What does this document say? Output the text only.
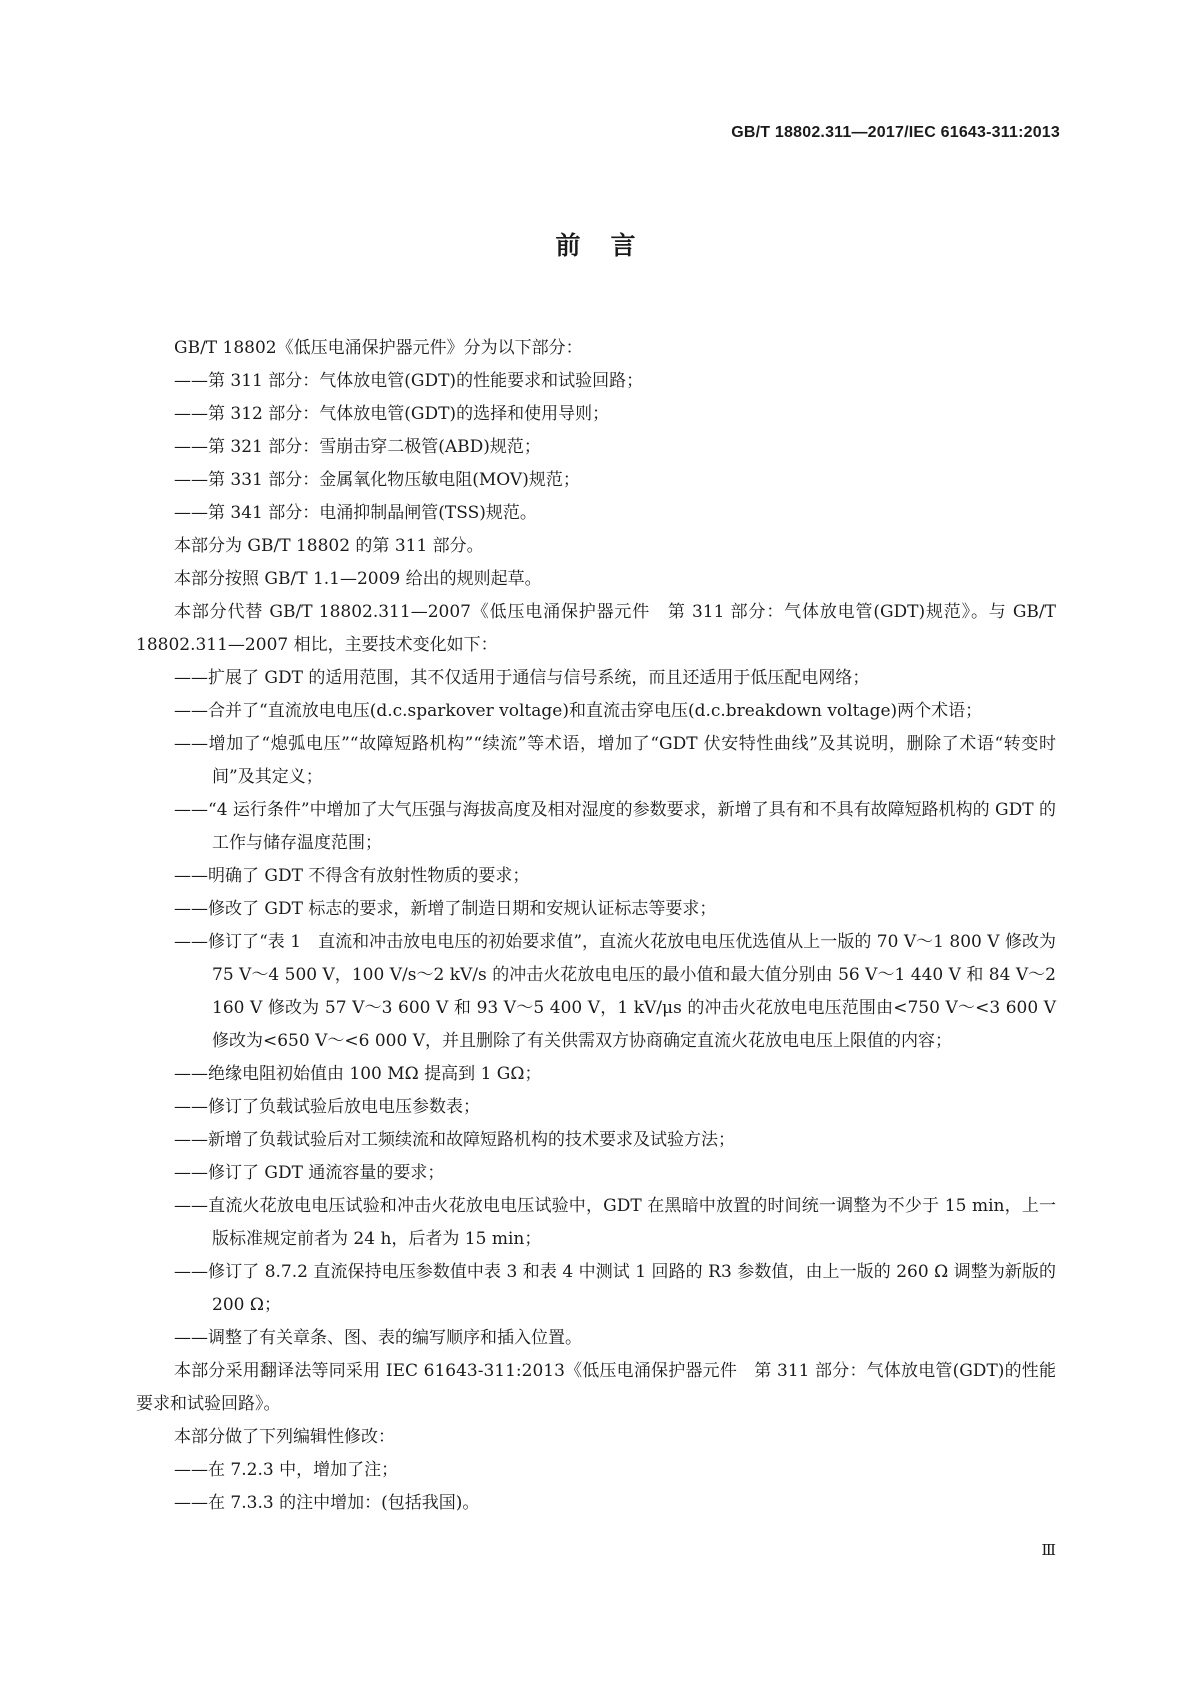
GB/T 18802.311—2017/IEC 61643-311:2013
前言

GB/T 18802《低压电涌保护器元件》分为以下部分：

——第 311 部分：气体放电管(GDT)的性能要求和试验回路；

——第 312 部分：气体放电管(GDT)的选择和使用导则；

——第 321 部分：雪崩击穿二极管(ABD)规范；

——第 331 部分：金属氧化物压敏电阻(MOV)规范；

——第 341 部分：电涌抑制晶闸管(TSS)规范。

本部分为 GB/T 18802 的第 311 部分。

本部分按照 GB/T 1.1—2009 给出的规则起草。

本部分代替 GB/T 18802.311—2007《低压电涌保护器元件　第 311 部分：气体放电管(GDT)规范》。与 GB/T 18802.311—2007 相比，主要技术变化如下：

——扩展了 GDT 的适用范围，其不仅适用于通信与信号系统，而且还适用于低压配电网络；

——合并了“直流放电电压(d.c.sparkover voltage)和直流击穿电压(d.c.breakdown voltage)两个术语；

——增加了“熄弧电压”“故障短路机构”“续流”等术语，增加了“GDT 伏安特性曲线”及其说明，删除了术语“转变时间”及其定义；

——“4 运行条件”中增加了大气压强与海拔高度及相对湿度的参数要求，新增了具有和不具有故障短路机构的 GDT 的工作与储存温度范围；

——明确了 GDT 不得含有放射性物质的要求；

——修改了 GDT 标志的要求，新增了制造日期和安规认证标志等要求；

——修订了“表 1　直流和冲击放电电压的初始要求值”，直流火花放电电压优选值从上一版的 70 V～1 800 V 修改为 75 V～4 500 V，100 V/s～2 kV/s 的冲击火花放电电压的最小值和最大值分别由 56 V～1 440 V 和 84 V～2 160 V 修改为 57 V～3 600 V 和 93 V～5 400 V，1 kV/μs 的冲击火花放电电压范围由<750 V～<3 600 V 修改为<650 V～<6 000 V，并且删除了有关供需双方协商确定直流火花放电电压上限值的内容；

——绝缘电阻初始值由 100 MΩ 提高到 1 GΩ；

——修订了负载试验后放电电压参数表；

——新增了负载试验后对工频续流和故障短路机构的技术要求及试验方法；

——修订了 GDT 通流容量的要求；

——直流火花放电电压试验和冲击火花放电电压试验中，GDT 在黑暗中放置的时间统一调整为不少于 15 min，上一版标准规定前者为 24 h，后者为 15 min；

——修订了 8.7.2 直流保持电压参数值中表 3 和表 4 中测试 1 回路的 R3 参数值，由上一版的 260 Ω 调整为新版的 200 Ω；

——调整了有关章条、图、表的编写顺序和插入位置。

本部分采用翻译法等同采用 IEC 61643-311:2013《低压电涌保护器元件　第 311 部分：气体放电管(GDT)的性能要求和试验回路》。

本部分做了下列编辑性修改：

——在 7.2.3 中，增加了注；

——在 7.3.3 的注中增加：(包括我国)。

Ⅲ
